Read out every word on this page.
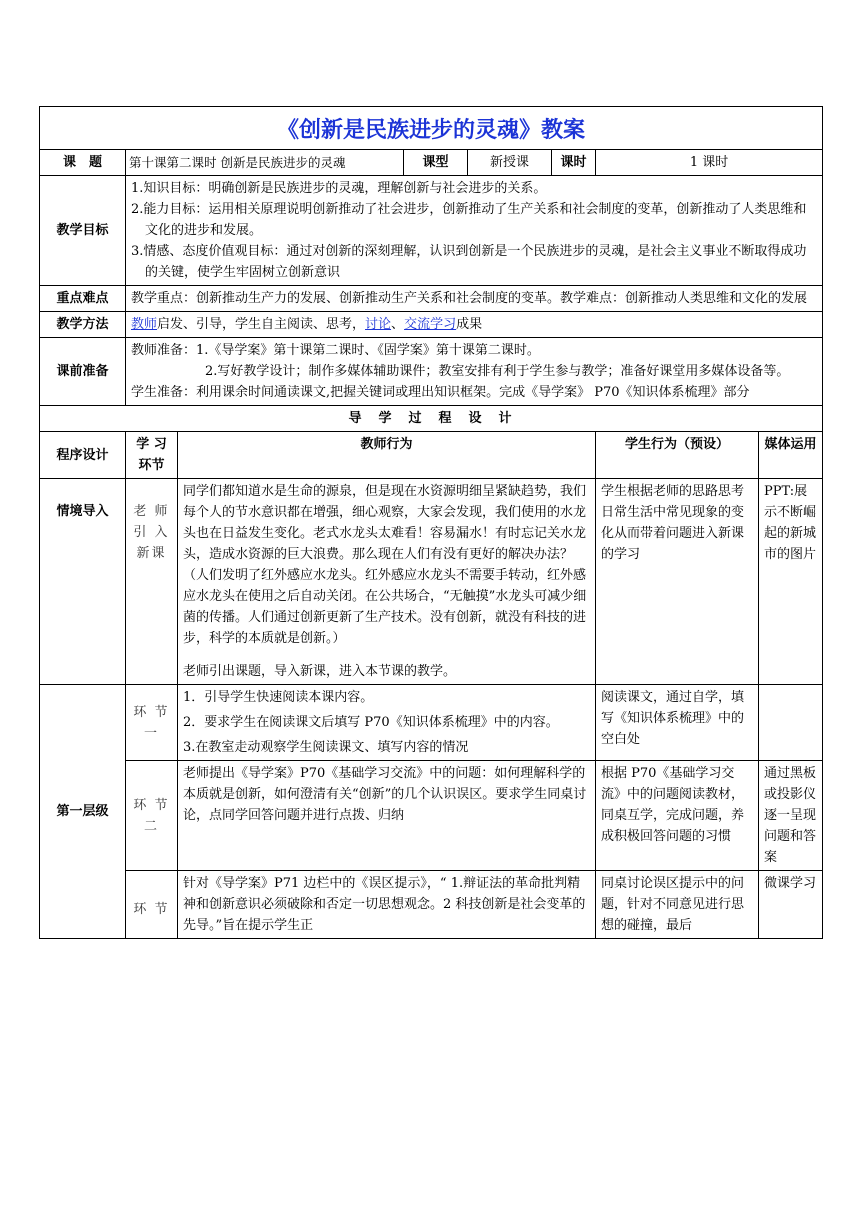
《创新是民族进步的灵魂》教案							
课　题	第十课第二课时 创新是民族进步的灵魂		课型	新授课	课时	1 课时	
教学目标	1.知识目标：明确创新是民族进步的灵魂，理解创新与社会进步的关系。

2.能力目标：运用相关原理说明创新推动了社会进步，创新推动了生产关系和社会制度的变革，创新推动了人类思维和文化的进步和发展。

3.情感、态度价值观目标：通过对创新的深刻理解，认识到创新是一个民族进步的灵魂，是社会主义事业不断取得成功的关键，使学生牢固树立创新意识						

重点难点	教学重点：创新推动生产力的发展、创新推动生产关系和社会制度的变革。教学难点：创新推动人类思维和文化的发展						
教学方法	教师启发、引导，学生自主阅读、思考，讨论、交流学习成果						
课前准备	教师准备：1.《导学案》第十课第二课时、《固学案》第十课第二课时。

2.写好教学设计；制作多媒体辅助课件；教室安排有利于学生参与教学；准备好课堂用多媒体设备等。

学生准备：利用课余时间通读课文,把握关键词或理出知识框架。完成《导学案》 P70《知识体系梳理》部分						

导　学　过　程　设　计							
程序设计	学 习 环节	教师行为				学生行为（预设）	媒体运用
情境导入	老 师 引 入 新课	同学们都知道水是生命的源泉，但是现在水资源明细呈紧缺趋势，我们每个人的节水意识都在增强，细心观察，大家会发现，我们使用的水龙头也在日益发生变化。老式水龙头太难看！容易漏水！有时忘记关水龙头，造成水资源的巨大浪费。那么现在人们有没有更好的解决办法？（人们发明了红外感应水龙头。红外感应水龙头不需要手转动，红外感应水龙头在使用之后自动关闭。在公共场合，“无触摸”水龙头可减少细菌的传播。人们通过创新更新了生产技术。没有创新，就没有科技的进步，科学的本质就是创新。）

老师引出课题，导入新课，进入本节课的教学。				学生根据老师的思路思考日常生活中常见现象的变化从而带着问题进入新课的学习	PPT:展示不断崛起的新城市的图片
第一层级	环 节 一	1．引导学生快速阅读本课内容。

2．要求学生在阅读课文后填写 P70《知识体系梳理》中的内容。

3.在教室走动观察学生阅读课文、填写内容的情况				阅读课文，通过自学，填写《知识体系梳理》中的空白处	
	环 节 二	老师提出《导学案》P70《基础学习交流》中的问题：如何理解科学的本质就是创新，如何澄清有关“创新”的几个认识误区。要求学生同桌讨论，点同学回答问题并进行点拨、归纳				根据 P70《基础学习交流》中的问题阅读教材，同桌互学，完成问题，养成积极回答问题的习惯	通过黑板或投影仪逐一呈现问题和答案
	环 节	针对《导学案》P71 边栏中的《误区提示》，“ 1.辩证法的革命批判精神和创新意识必须破除和否定一切思想观念。2 科技创新是社会变革的先导。”旨在提示学生正				同桌讨论误区提示中的问题，针对不同意见进行思想的碰撞，最后	微课学习
